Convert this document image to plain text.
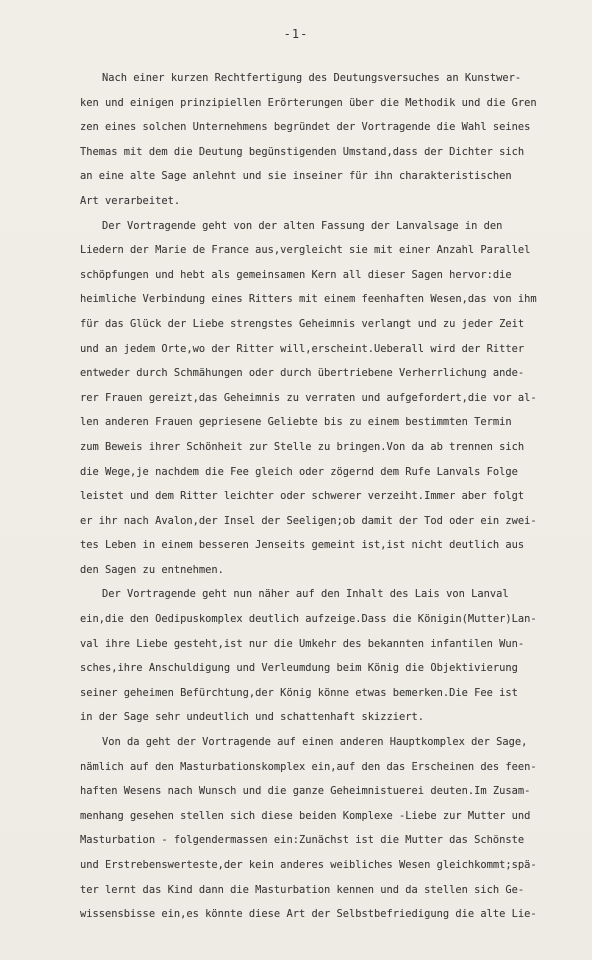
-1-
Nach einer kurzen Rechtfertigung des Deutungsversuches an Kunstwer-
ken und einigen prinzipiellen Erörterungen über die Methodik und die Gren
zen eines solchen Unternehmens begründet der Vortragende die Wahl seines
Themas mit dem die Deutung begünstigenden Umstand,dass der Dichter sich
an eine alte Sage anlehnt und sie inseiner für ihn charakteristischen
Art verarbeitet.
Der Vortragende geht von der alten Fassung der Lanvalsage in den
Liedern der Marie de France aus,vergleicht sie mit einer Anzahl Parallel
schöpfungen und hebt als gemeinsamen Kern all dieser Sagen hervor:die
heimliche Verbindung eines Ritters mit einem feenhaften Wesen,das von ihm
für das Glück der Liebe strengstes Geheimnis verlangt und zu jeder Zeit
und an jedem Orte,wo der Ritter will,erscheint.Ueberall wird der Ritter
entweder durch Schmähungen oder durch übertriebene Verherrlichung ande-
rer Frauen gereizt,das Geheimnis zu verraten und aufgefordert,die vor al-
len anderen Frauen gepriesene Geliebte bis zu einem bestimmten Termin
zum Beweis ihrer Schönheit zur Stelle zu bringen.Von da ab trennen sich
die Wege,je nachdem die Fee gleich oder zögernd dem Rufe Lanvals Folge
leistet und dem Ritter leichter oder schwerer verzeiht.Immer aber folgt
er ihr nach Avalon,der Insel der Seeligen;ob damit der Tod oder ein zwei-
tes Leben in einem besseren Jenseits gemeint ist,ist nicht deutlich aus
den Sagen zu entnehmen.
Der Vortragende geht nun näher auf den Inhalt des Lais von Lanval
ein,die den Oedipuskomplex deutlich aufzeige.Dass die Königin(Mutter)Lan-
val ihre Liebe gesteht,ist nur die Umkehr des bekannten infantilen Wun-
sches,ihre Anschuldigung und Verleumdung beim König die Objektivierung
seiner geheimen Befürchtung,der König könne etwas bemerken.Die Fee ist
in der Sage sehr undeutlich und schattenhaft skizziert.
Von da geht der Vortragende auf einen anderen Hauptkomplex der Sage,
nämlich auf den Masturbationskomplex ein,auf den das Erscheinen des feen-
haften Wesens nach Wunsch und die ganze Geheimnistuerei deuten.Im Zusam-
menhang gesehen stellen sich diese beiden Komplexe -Liebe zur Mutter und
Masturbation - folgendermassen ein:Zunächst ist die Mutter das Schönste
und Erstrebenswerteste,der kein anderes weibliches Wesen gleichkommt;spä-
ter lernt das Kind dann die Masturbation kennen und da stellen sich Ge-
wissensbisse ein,es könnte diese Art der Selbstbefriedigung die alte Lie-
